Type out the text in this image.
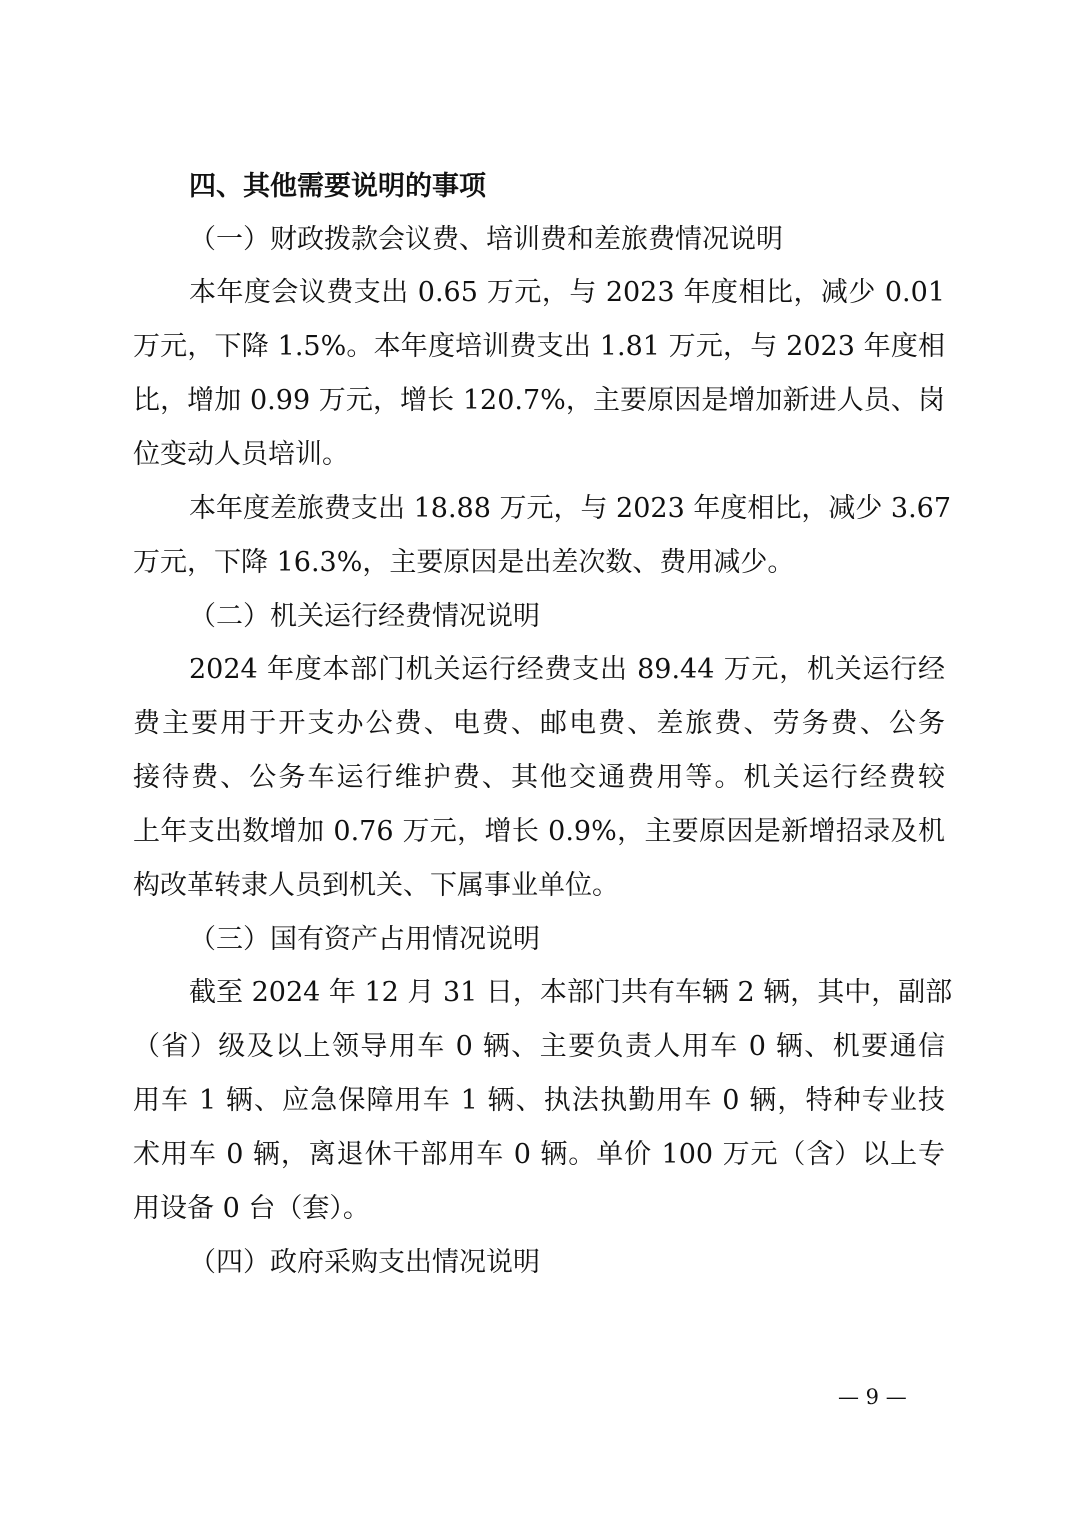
四、其他需要说明的事项
（一）财政拨款会议费、培训费和差旅费情况说明
本年度会议费支出 0.65 万元，与 2023 年度相比，减少 0.01
万元，下降 1.5%。本年度培训费支出 1.81 万元，与 2023 年度相
比，增加 0.99 万元，增长 120.7%，主要原因是增加新进人员、岗
位变动人员培训。
本年度差旅费支出 18.88 万元，与 2023 年度相比，减少 3.67
万元，下降 16.3%，主要原因是出差次数、费用减少。
（二）机关运行经费情况说明
2024 年度本部门机关运行经费支出 89.44 万元，机关运行经
费主要用于开支办公费、电费、邮电费、差旅费、劳务费、公务
接待费、公务车运行维护费、其他交通费用等。机关运行经费较
上年支出数增加 0.76 万元，增长 0.9%，主要原因是新增招录及机
构改革转隶人员到机关、下属事业单位。
（三）国有资产占用情况说明
截至 2024 年 12 月 31 日，本部门共有车辆 2 辆，其中，副部
（省）级及以上领导用车 0 辆、主要负责人用车 0 辆、机要通信
用车 1 辆、应急保障用车 1 辆、执法执勤用车 0 辆，特种专业技
术用车 0 辆，离退休干部用车 0 辆。单价 100 万元（含）以上专
用设备 0 台（套）。
（四）政府采购支出情况说明
— 9 —
